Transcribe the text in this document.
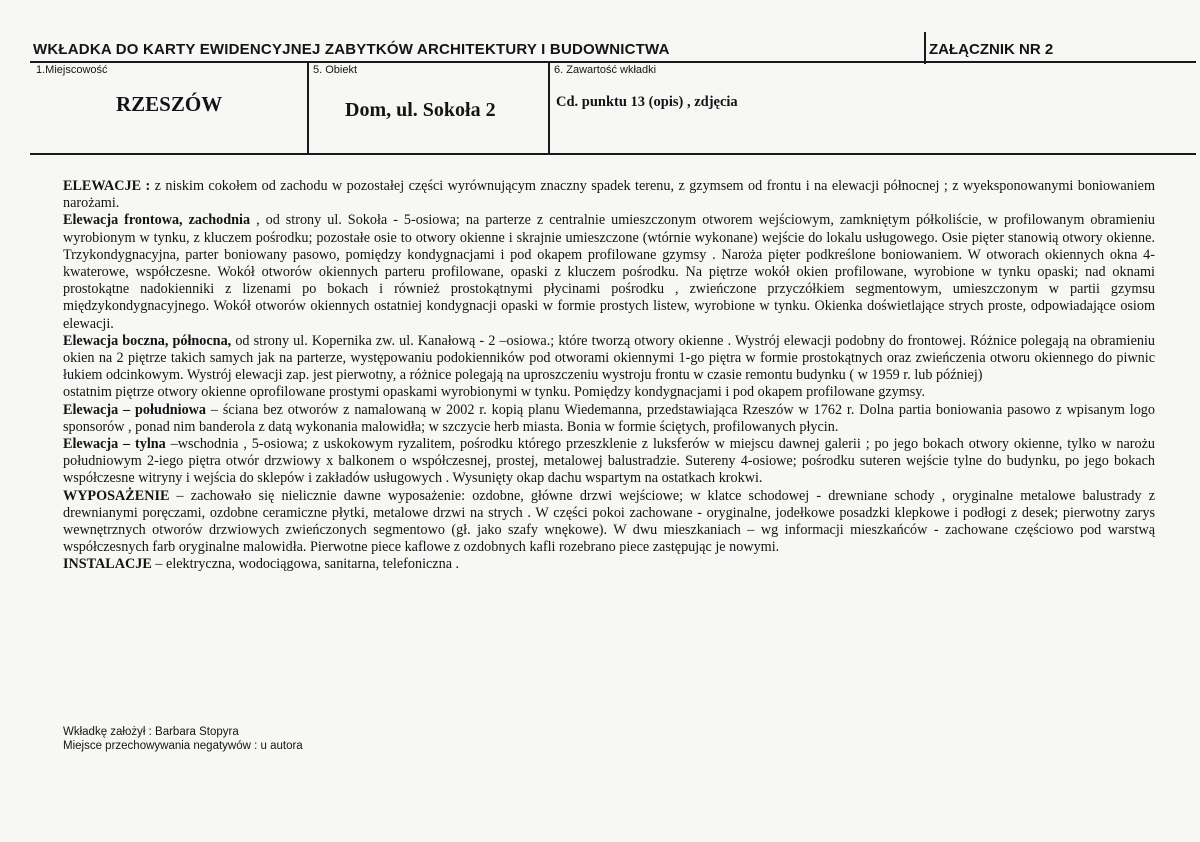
WKŁADKA DO KARTY EWIDENCYJNEJ ZABYTKÓW ARCHITEKTURY I BUDOWNICTWA	ZAŁĄCZNIK NR 2
1.Miejscowość
RZESZÓW
5. Obiekt
Dom, ul. Sokoła 2
6. Zawartość wkładki
Cd. punktu 13 (opis) , zdjęcia

ELEWACJE : z niskim cokołem od zachodu w pozostałej części wyrównującym znaczny spadek terenu, z gzymsem od frontu i na elewacji północnej ; z wyeksponowanymi boniowaniem narożami.

Elewacja frontowa, zachodnia , od strony ul. Sokoła - 5-osiowa; na parterze z centralnie umieszczonym otworem wejściowym, zamkniętym półkoliście, w profilowanym obramieniu wyrobionym w tynku, z kluczem pośrodku; pozostałe osie to otwory okienne i skrajnie umieszczone (wtórnie wykonane) wejście do lokalu usługowego. Osie pięter stanowią otwory okienne. Trzykondygnacyjna, parter boniowany pasowo, pomiędzy kondygnacjami i pod okapem profilowane gzymsy . Naroża pięter podkreślone boniowaniem. W otworach okiennych okna 4-kwaterowe, współczesne. Wokół otworów okiennych parteru profilowane, opaski z kluczem pośrodku. Na piętrze wokół okien profilowane, wyrobione w tynku opaski; nad oknami prostokątne nadokienniki z lizenami po bokach i również prostokątnymi płycinami pośrodku , zwieńczone przyczółkiem segmentowym, umieszczonym w partii gzymsu międzykondygnacyjnego. Wokół otworów okiennych ostatniej kondygnacji opaski w formie prostych listew, wyrobione w tynku. Okienka doświetlające strych proste, odpowiadające osiom elewacji.

Elewacja boczna, północna, od strony ul. Kopernika zw. ul. Kanałową - 2 –osiowa.; które tworzą otwory okienne . Wystrój elewacji podobny do frontowej. Różnice polegają na obramieniu okien na 2 piętrze takich samych jak na parterze, występowaniu podokienników pod otworami okiennymi 1-go piętra w formie prostokątnych oraz zwieńczenia otworu okiennego do piwnic łukiem odcinkowym. Wystrój elewacji zap. jest pierwotny, a różnice polegają na uproszczeniu wystroju frontu w czasie remontu budynku ( w 1959 r. lub później)

ostatnim piętrze otwory okienne oprofilowane prostymi opaskami wyrobionymi w tynku. Pomiędzy kondygnacjami i pod okapem profilowane gzymsy.

Elewacja – południowa – ściana bez otworów z namalowaną w 2002 r. kopią planu Wiedemanna, przedstawiająca Rzeszów w 1762 r. Dolna partia boniowania pasowo z wpisanym logo sponsorów , ponad nim banderola z datą wykonania malowidła; w szczycie herb miasta. Bonia w formie ściętych, profilowanych płycin.

Elewacja – tylna –wschodnia , 5-osiowa; z uskokowym ryzalitem, pośrodku którego przeszklenie z luksferów w miejscu dawnej galerii ; po jego bokach otwory okienne, tylko w narożu południowym 2-iego piętra otwór drzwiowy x balkonem o współczesnej, prostej, metalowej balustradzie. Sutereny 4-osiowe; pośrodku suteren wejście tylne do budynku, po jego bokach współczesne witryny i wejścia do sklepów i zakładów usługowych . Wysunięty okap dachu wspartym na ostatkach krokwi.

WYPOSAŻENIE – zachowało się nielicznie dawne wyposażenie: ozdobne, główne drzwi wejściowe; w klatce schodowej - drewniane schody , oryginalne metalowe balustrady z drewnianymi poręczami, ozdobne ceramiczne płytki, metalowe drzwi na strych . W części pokoi zachowane - oryginalne, jodełkowe posadzki klepkowe i podłogi z desek; pierwotny zarys wewnętrznych otworów drzwiowych zwieńczonych segmentowo (gł. jako szafy wnękowe). W dwu mieszkaniach – wg informacji mieszkańców - zachowane częściowo pod warstwą współczesnych farb oryginalne malowidła. Pierwotne piece kaflowe z ozdobnych kafli rozebrano piece zastępując je nowymi.

INSTALACJE – elektryczna, wodociągowa, sanitarna, telefoniczna .

Wkładkę założył : Barbara Stopyra
Miejsce przechowywania negatywów : u autora
